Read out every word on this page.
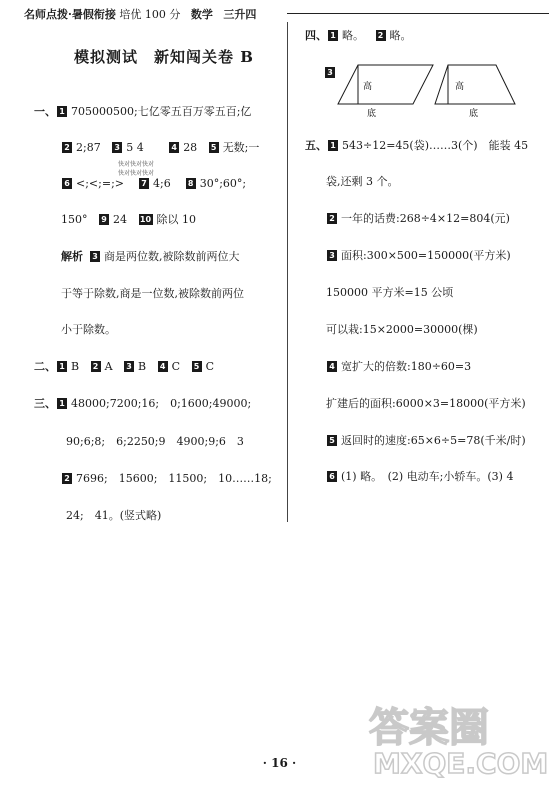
名师点拨·暑假衔接 培优 100 分 数学 三升四
模拟测试　新知闯关卷 B
一、 1 705000500;七亿零五百万零五百;亿
2 2;87 3 5 4	4 28 5 无数;一
快对快对快对
快对快对快对
6 <;<;=;> 7 4;6 8 30°;60°;
150° 9 24 10 除以 10
解析 3 商是两位数,被除数前两位大
于等于除数,商是一位数,被除数前两位
小于除数。
二、 1 B 2 A 3 B 4 C 5 C
三、 1 48000;7200;16;　0;1600;49000;
90;6;8;　6;2250;9　4900;9;6　3
2 7696;　15600;　11500;　10……18;
24;　41。(竖式略)
四、 1 略。 2 略。
3
高
底
高
底
五、 1 543÷12=45(袋)……3(个)　能装 45
袋,还剩 3 个。
2 一年的话费:268÷4×12=804(元)
3 面积:300×500=150000(平方米)
150000 平方米=15 公顷
可以栽:15×2000=30000(棵)
4 宽扩大的倍数:180÷60=3
扩建后的面积:6000×3=18000(平方米)
5 返回时的速度:65×6÷5=78(千米/时)
6 (1) 略。　(2) 电动车;小轿车。(3) 4
答案圈
MXQE.COM
· 16 ·
